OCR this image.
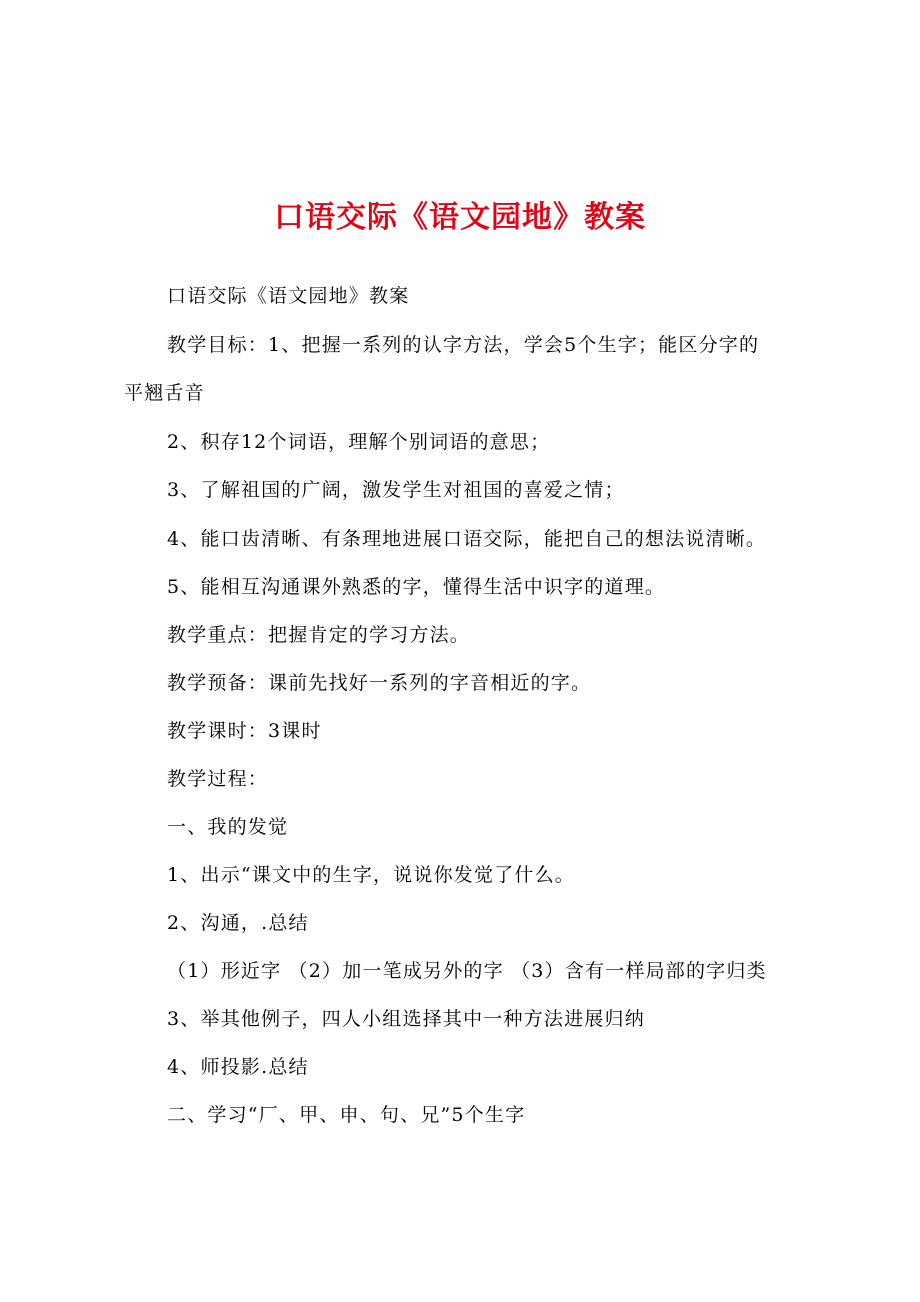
口语交际《语文园地》教案

口语交际《语文园地》教案

教学目标：1、把握一系列的认字方法，学会5个生字；能区分字的

平翘舌音

2、积存12个词语，理解个别词语的意思；

3、了解祖国的广阔，激发学生对祖国的喜爱之情；

4、能口齿清晰、有条理地进展口语交际，能把自己的想法说清晰。

5、能相互沟通课外熟悉的字，懂得生活中识字的道理。

教学重点：把握肯定的学习方法。

教学预备：课前先找好一系列的字音相近的字。

教学课时：3课时

教学过程：

一、我的发觉

1、出示“课文中的生字，说说你发觉了什么。

2、沟通，.总结

（1）形近字 （2）加一笔成另外的字 （3）含有一样局部的字归类

3、举其他例子，四人小组选择其中一种方法进展归纳

4、师投影.总结

二、学习“厂、甲、申、句、兄”5个生字
